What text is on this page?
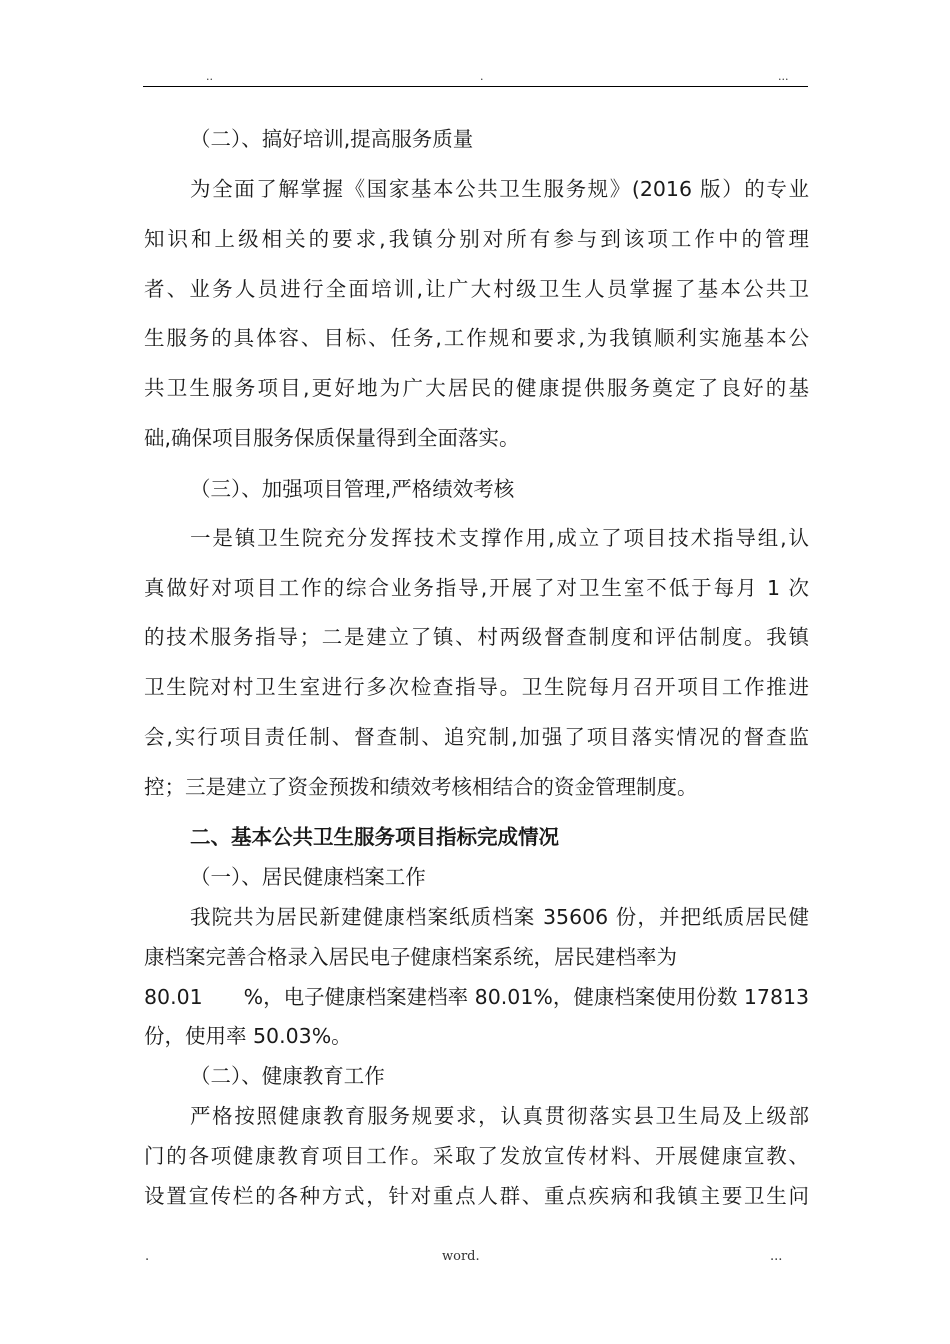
..	.	...
（二）、搞好培训,提高服务质量
为全面了解掌握《国家基本公共卫生服务规》(2016 版）的专业
知识和上级相关的要求,我镇分别对所有参与到该项工作中的管理
者、业务人员进行全面培训,让广大村级卫生人员掌握了基本公共卫
生服务的具体容、目标、任务,工作规和要求,为我镇顺利实施基本公
共卫生服务项目,更好地为广大居民的健康提供服务奠定了良好的基
础,确保项目服务保质保量得到全面落实。
（三）、加强项目管理,严格绩效考核
一是镇卫生院充分发挥技术支撑作用,成立了项目技术指导组,认
真做好对项目工作的综合业务指导,开展了对卫生室不低于每月 1 次
的技术服务指导；二是建立了镇、村两级督查制度和评估制度。我镇
卫生院对村卫生室进行多次检查指导。卫生院每月召开项目工作推进
会,实行项目责任制、督查制、追究制,加强了项目落实情况的督查监
控；三是建立了资金预拨和绩效考核相结合的资金管理制度。
二、基本公共卫生服务项目指标完成情况
（一）、居民健康档案工作
我院共为居民新建健康档案纸质档案 35606 份，并把纸质居民健
康档案完善合格录入居民电子健康档案系统，居民建档率为
80.01　　%，电子健康档案建档率 80.01%，健康档案使用份数 17813
份，使用率 50.03%。
（二）、健康教育工作
严格按照健康教育服务规要求，认真贯彻落实县卫生局及上级部
门的各项健康教育项目工作。采取了发放宣传材料、开展健康宣教、
设置宣传栏的各种方式，针对重点人群、重点疾病和我镇主要卫生问
.	word.	...
